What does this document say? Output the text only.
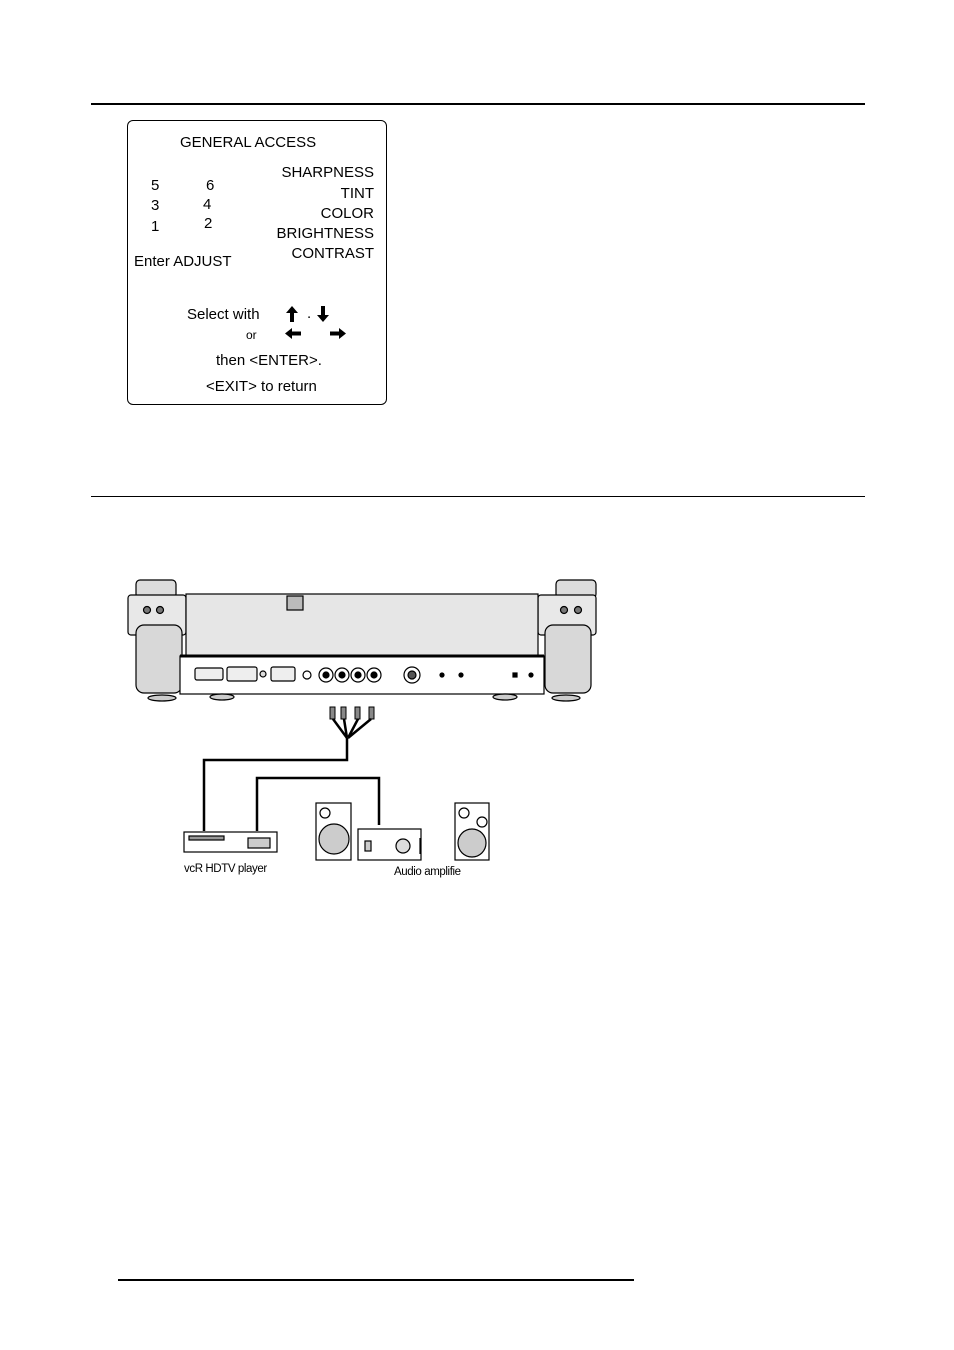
GENERAL ACCESS
5	6
3	4
1	2
SHARPNESS
TINT
COLOR
BRIGHTNESS
CONTRAST
Enter ADJUST
Select with	.
or
then <ENTER>.
<EXIT> to return
vcR HDTV player	Audio amplifie
